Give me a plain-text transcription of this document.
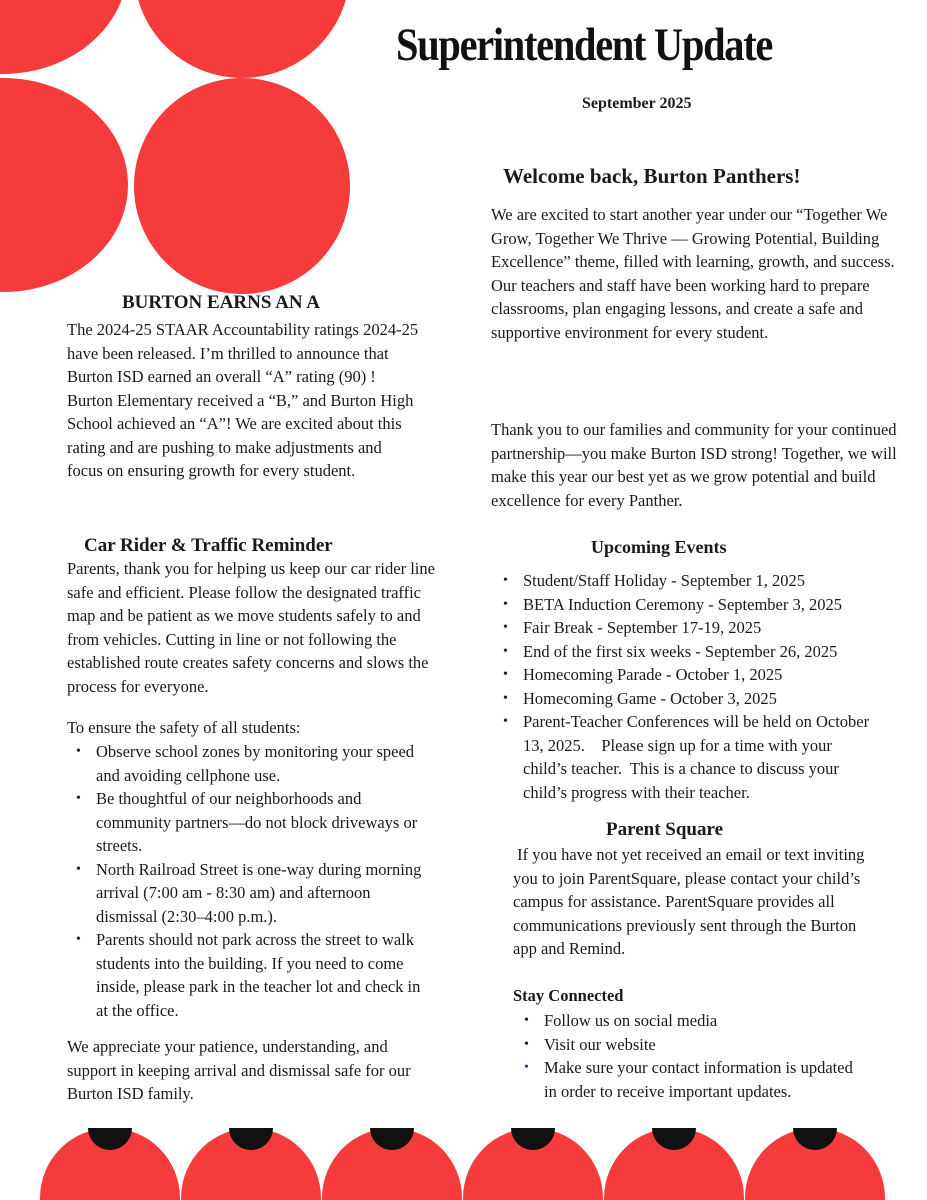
Superintendent Update
September 2025
Welcome back, Burton Panthers!
We are excited to start another year under our “Together We Grow, Together We Thrive — Growing Potential, Building Excellence” theme, filled with learning, growth, and success. Our teachers and staff have been working hard to prepare classrooms, plan engaging lessons, and create a safe and supportive environment for every student.
Thank you to our families and community for your continued partnership—you make Burton ISD strong! Together, we will make this year our best yet as we grow potential and build excellence for every Panther.
BURTON EARNS AN A
The 2024-25 STAAR Accountability ratings 2024-25 have been released. I’m thrilled to announce that Burton ISD earned an overall “A” rating (90) ! Burton Elementary received a “B,” and Burton High School achieved an “A”! We are excited about this rating and are pushing to make adjustments and focus on ensuring growth for every student.
Car Rider & Traffic Reminder
Parents, thank you for helping us keep our car rider line safe and efficient. Please follow the designated traffic map and be patient as we move students safely to and from vehicles. Cutting in line or not following the established route creates safety concerns and slows the process for everyone.
To ensure the safety of all students:
• Observe school zones by monitoring your speed and avoiding cellphone use.
• Be thoughtful of our neighborhoods and community partners—do not block driveways or streets.
• North Railroad Street is one-way during morning arrival (7:00 am - 8:30 am) and afternoon dismissal (2:30–4:00 p.m.).
• Parents should not park across the street to walk students into the building. If you need to come inside, please park in the teacher lot and check in at the office.
We appreciate your patience, understanding, and support in keeping arrival and dismissal safe for our Burton ISD family.
Upcoming Events
• Student/Staff Holiday - September 1, 2025
• BETA Induction Ceremony - September 3, 2025
• Fair Break - September 17-19, 2025
• End of the first six weeks - September 26, 2025
• Homecoming Parade - October 1, 2025
• Homecoming Game - October 3, 2025
• Parent-Teacher Conferences will be held on October 13, 2025.    Please sign up for a time with your child’s teacher.  This is a chance to discuss your child’s progress with their teacher.
Parent Square
If you have not yet received an email or text inviting you to join ParentSquare, please contact your child’s campus for assistance. ParentSquare provides all communications previously sent through the Burton app and Remind.
Stay Connected
• Follow us on social media
• Visit our website
• Make sure your contact information is updated in order to receive important updates.
